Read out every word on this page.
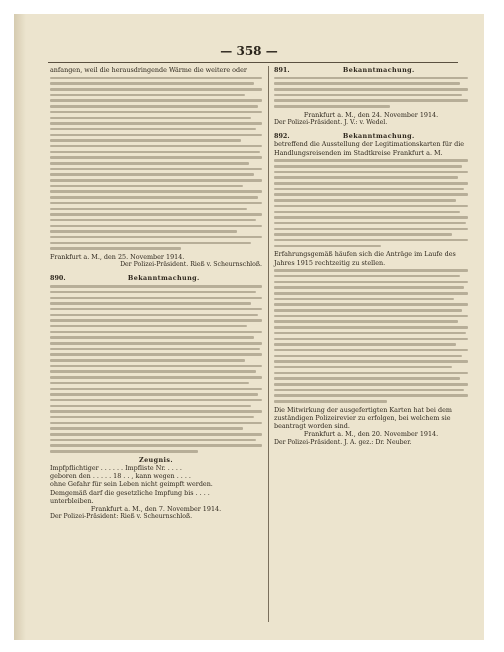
— 358 —
anfangen, weil die herausdringende Wärme die weitere oder
Frankfurt a. M., den 25. November 1914.
Der Polizei-Präsident. Rieß v. Scheurnschloß.
890.	Bekanntmachung.
Zeugnis.
Impfpflichtiger . . . . . . Impfliste Nr. . . . .
geboren den . . . . . 18 . . , kann wegen . . . .
ohne Gefahr für sein Leben nicht geimpft werden.
Demgemäß darf die gesetzliche Impfung bis . . . .
unterbleiben.
Frankfurt a. M., den 7. November 1914.
Der Polizei-Präsident: Rieß v. Scheurnschloß.
891.	Bekanntmachung.
Frankfurt a. M., den 24. November 1914.
Der Polizei-Präsident. J. V.: v. Wedel.
892.	Bekanntmachung.
betreffend die Ausstellung der Legitimationskarten für die Handlungsreisenden im Stadtkreise Frankfurt a. M.
Erfahrungsgemäß häufen sich die Anträge im Laufe des Jahres 1915 rechtzeitig zu stellen.
Die Mitwirkung der ausgefertigten Karten hat bei dem zuständigen Polizeirevier zu erfolgen, bei welchem sie beantragt worden sind.
Frankfurt a. M., den 20. November 1914.
Der Polizei-Präsident. J. A. gez.: Dr. Neuber.
